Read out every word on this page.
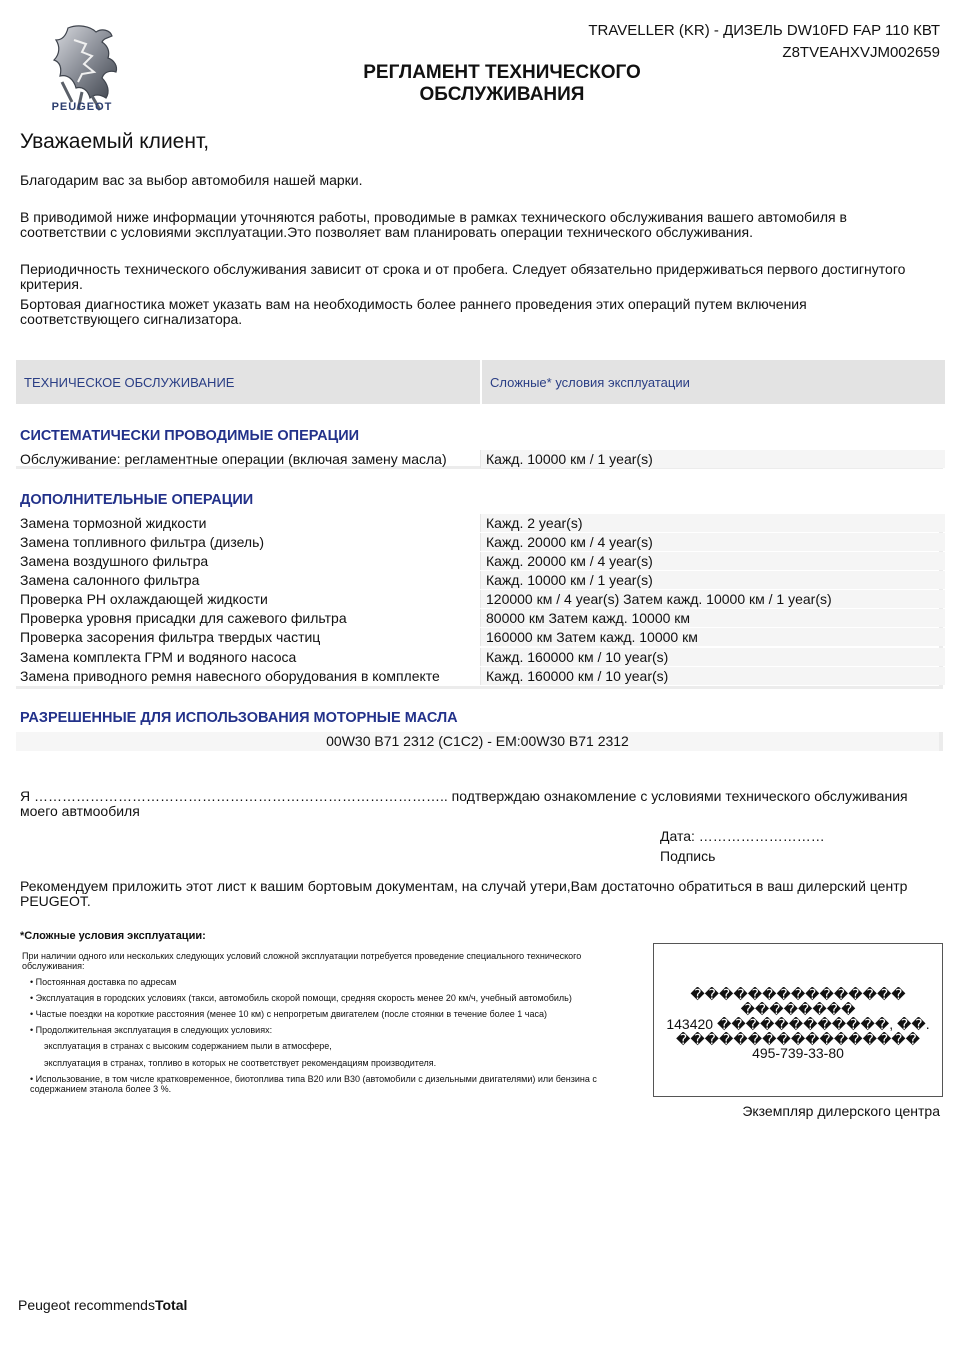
PEUGEOT
TRAVELLER (KR) - ДИЗЕЛЬ DW10FD FAP 110 КВТ
Z8TVEAHXVJM002659
РЕГЛАМЕНТ ТЕХНИЧЕСКОГО
ОБСЛУЖИВАНИЯ
Уважаемый клиент,
Благодарим вас за выбор автомобиля нашей марки.
В приводимой ниже информации уточняются работы, проводимые в рамках технического обслуживания вашего автомобиля в соответствии с условиями эксплуатации.Это позволяет вам планировать операции технического обслуживания.
Периодичность технического обслуживания зависит от срока и от пробега. Следует обязательно придерживаться первого достигнутого критерия.
Бортовая диагностика может указать вам на необходимость более раннего проведения этих операций путем включения соответствующего сигнализатора.
ТЕХНИЧЕСКОЕ ОБСЛУЖИВАНИЕ	Сложные* условия эксплуатации
СИСТЕМАТИЧЕСКИ ПРОВОДИМЫЕ ОПЕРАЦИИ
Обслуживание: регламентные операции (включая замену масла)	Кажд. 10000 км / 1 year(s)
ДОПОЛНИТЕЛЬНЫЕ ОПЕРАЦИИ
Замена тормозной жидкости	Кажд. 2 year(s)
Замена топливного фильтра (дизель)	Кажд. 20000 км / 4 year(s)
Замена воздушного фильтра	Кажд. 20000 км / 4 year(s)
Замена салонного фильтра	Кажд. 10000 км / 1 year(s)
Проверка PH охлаждающей жидкости	120000 км / 4 year(s) Затем кажд. 10000 км / 1 year(s)
Проверка уровня присадки для сажевого фильтра	80000 км Затем кажд. 10000 км
Проверка засорения фильтра твердых частиц	160000 км Затем кажд. 10000 км
Замена комплекта ГРМ и водяного насоса	Кажд. 160000 км / 10 year(s)
Замена приводного ремня навесного оборудования в комплекте	Кажд. 160000 км / 10 year(s)
РАЗРЕШЕННЫЕ ДЛЯ ИСПОЛЬЗОВАНИЯ МОТОРНЫЕ МАСЛА
00W30 B71 2312 (C1C2) - EM:00W30 B71 2312
Я …………………………………………………………………………….. подтверждаю ознакомление с условиями технического обслуживания моего автмообиля
Дата: ………………………
Подпись
Рекомендуем приложить этот лист к вашим бортовым документам, на случай утери,Вам достаточно обратиться в ваш дилерский центр PEUGEOT.
*Сложные условия эксплуатации:
При наличии одного или нескольких следующих условий сложной эксплуатации потребуется проведение специального технического обслуживания:
• Постоянная доставка по адресам
• Эксплуатация в городских условиях (такси, автомобиль скорой помощи, средняя скорость менее 20 км/ч, учебный автомобиль)
• Частые поездки на короткие расстояния (менее 10 км) с непрогретым двигателем (после стоянки в течение более 1 часа)
• Продолжительная эксплуатация в следующих условиях:
эксплуатация в странах с высоким содержанием пыли в атмосфере,
эксплуатация в странах, топливо в которых не соответствует рекомендациям производителя.
• Использование, в том числе кратковременное, биотоплива типа B20 или B30 (автомобили с дизельными двигателями) или бензина с содержанием этанола более 3 %.
���������������
��������
143420 ������������, ��.
�����������������
495-739-33-80
Экземпляр дилерского центра
Peugeot recommendsTotal
